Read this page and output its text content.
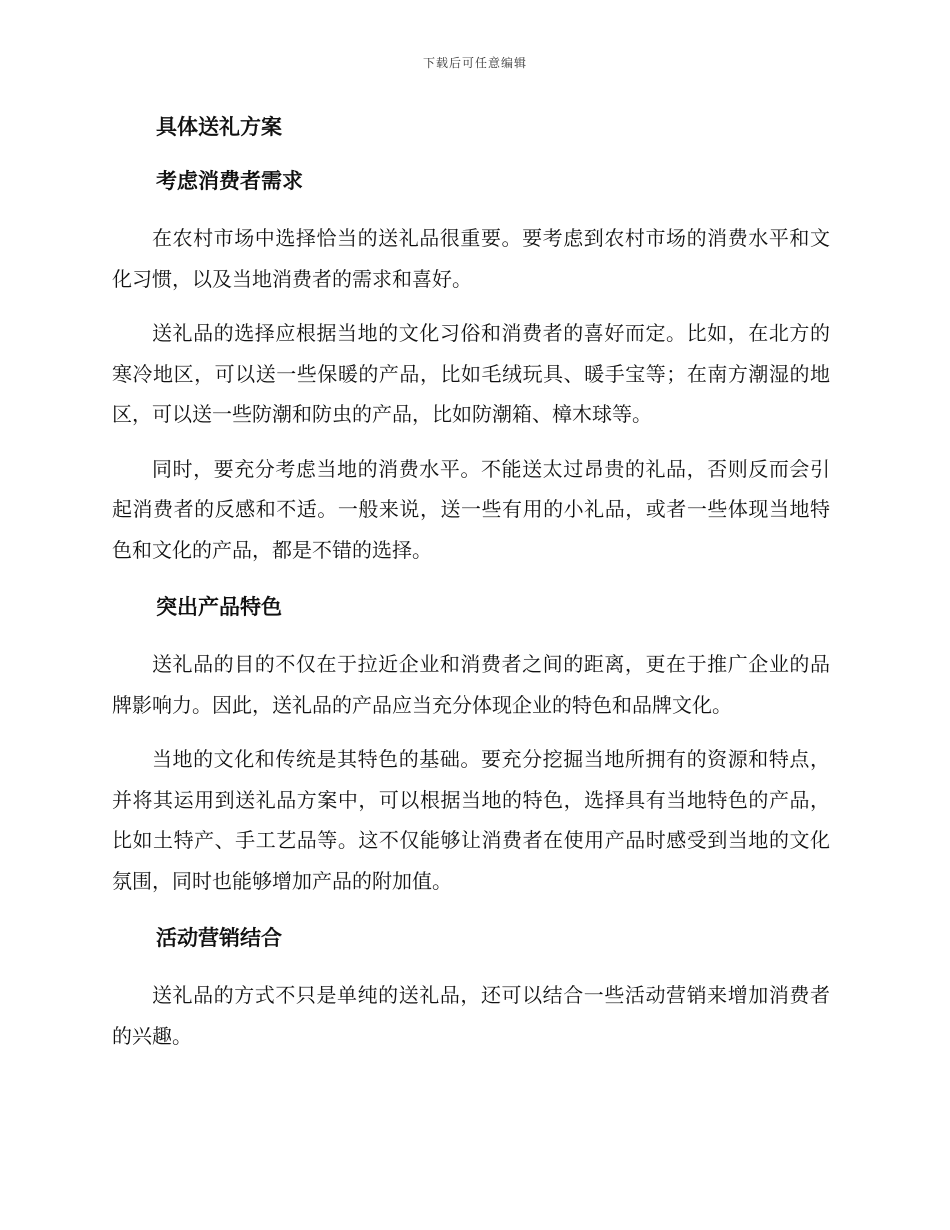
下载后可任意编辑
具体送礼方案
考虑消费者需求

在农村市场中选择恰当的送礼品很重要。要考虑到农村市场的消费水平和文化习惯，以及当地消费者的需求和喜好。

送礼品的选择应根据当地的文化习俗和消费者的喜好而定。比如，在北方的寒冷地区，可以送一些保暖的产品，比如毛绒玩具、暖手宝等；在南方潮湿的地区，可以送一些防潮和防虫的产品，比如防潮箱、樟木球等。

同时，要充分考虑当地的消费水平。不能送太过昂贵的礼品，否则反而会引起消费者的反感和不适。一般来说，送一些有用的小礼品，或者一些体现当地特色和文化的产品，都是不错的选择。

突出产品特色

送礼品的目的不仅在于拉近企业和消费者之间的距离，更在于推广企业的品牌影响力。因此，送礼品的产品应当充分体现企业的特色和品牌文化。

当地的文化和传统是其特色的基础。要充分挖掘当地所拥有的资源和特点，并将其运用到送礼品方案中，可以根据当地的特色，选择具有当地特色的产品，比如土特产、手工艺品等。这不仅能够让消费者在使用产品时感受到当地的文化氛围，同时也能够增加产品的附加值。

活动营销结合

送礼品的方式不只是单纯的送礼品，还可以结合一些活动营销来增加消费者的兴趣。
